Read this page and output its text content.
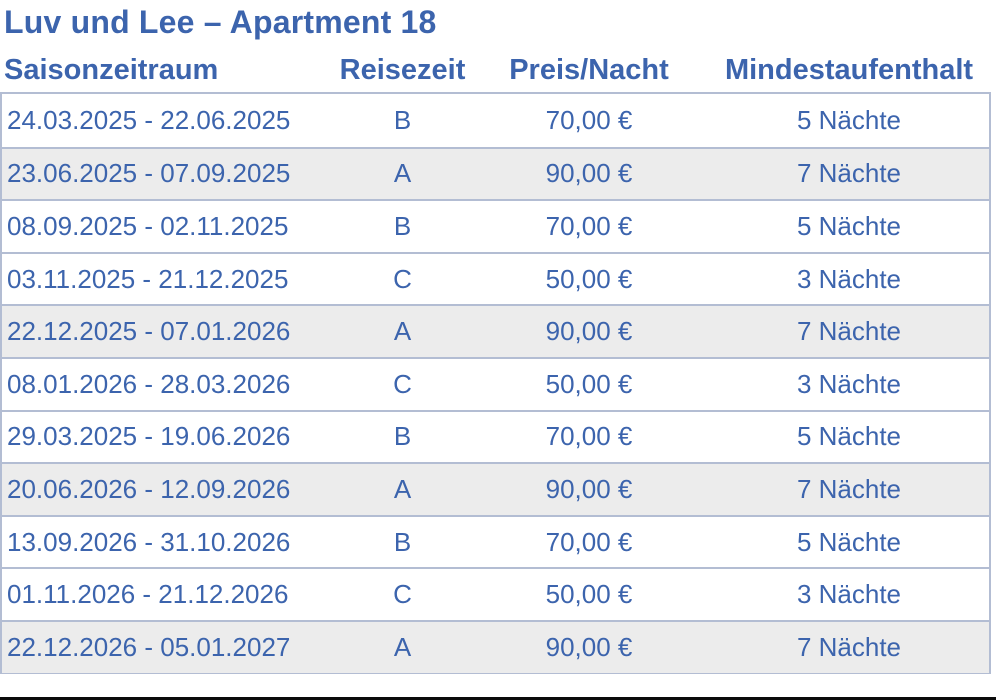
Luv und Lee – Apartment 18
Saisonzeitraum	Reisezeit	Preis/Nacht	Mindestaufenthalt
24.03.2025 - 22.06.2025	B	70,00 €	5 Nächte
23.06.2025 - 07.09.2025	A	90,00 €	7 Nächte
08.09.2025 - 02.11.2025	B	70,00 €	5 Nächte
03.11.2025 - 21.12.2025	C	50,00 €	3 Nächte
22.12.2025 - 07.01.2026	A	90,00 €	7 Nächte
08.01.2026 - 28.03.2026	C	50,00 €	3 Nächte
29.03.2025 - 19.06.2026	B	70,00 €	5 Nächte
20.06.2026 - 12.09.2026	A	90,00 €	7 Nächte
13.09.2026 - 31.10.2026	B	70,00 €	5 Nächte
01.11.2026 - 21.12.2026	C	50,00 €	3 Nächte
22.12.2026 - 05.01.2027	A	90,00 €	7 Nächte
